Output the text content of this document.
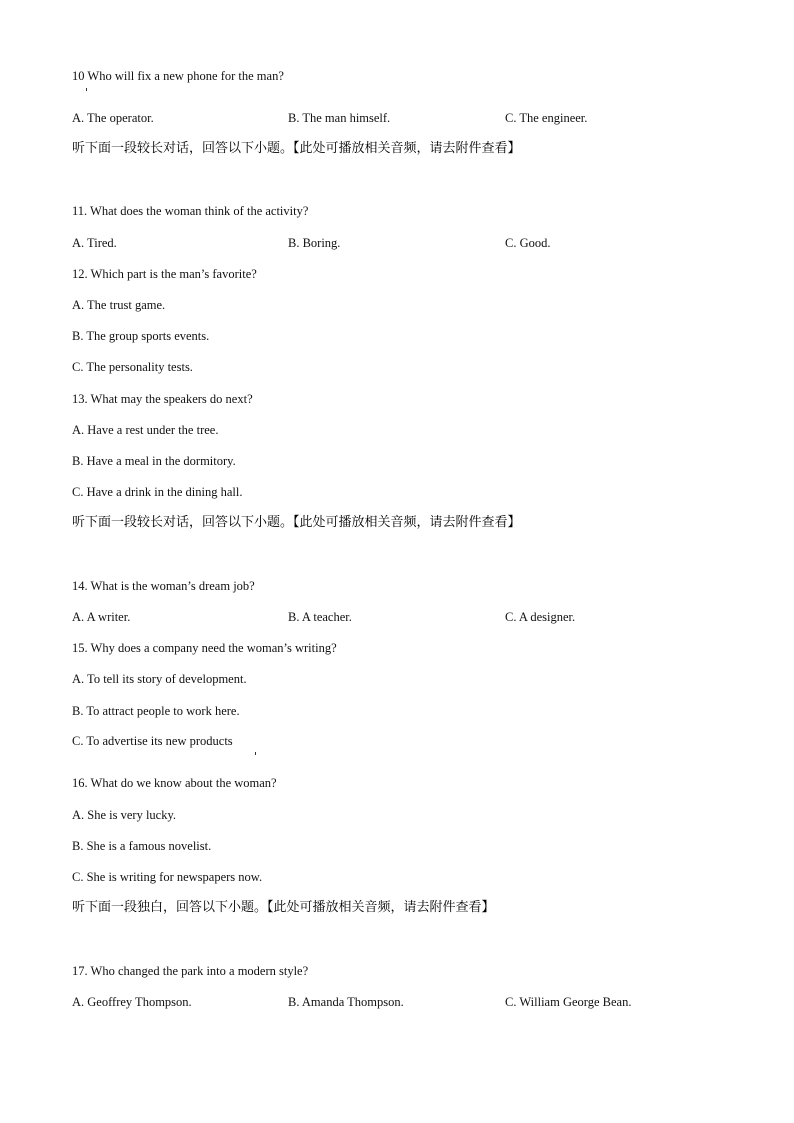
10 Who will fix a new phone for the man?
A. The operator.	B. The man himself.	C. The engineer.
听下面一段较长对话，回答以下小题。【此处可播放相关音频，请去附件查看】
11. What does the woman think of the activity?
A. Tired.	B. Boring.	C. Good.
12. Which part is the man’s favorite?
A. The trust game.
B. The group sports events.
C. The personality tests.
13. What may the speakers do next?
A. Have a rest under the tree.
B. Have a meal in the dormitory.
C. Have a drink in the dining hall.
听下面一段较长对话，回答以下小题。【此处可播放相关音频，请去附件查看】
14. What is the woman’s dream job?
A. A writer.	B. A teacher.	C. A designer.
15. Why does a company need the woman’s writing?
A. To tell its story of development.
B. To attract people to work here.
C. To advertise its new products
16. What do we know about the woman?
A. She is very lucky.
B. She is a famous novelist.
C. She is writing for newspapers now.
听下面一段独白，回答以下小题。【此处可播放相关音频，请去附件查看】
17. Who changed the park into a modern style?
A. Geoffrey Thompson.	B. Amanda Thompson.	C. William George Bean.
